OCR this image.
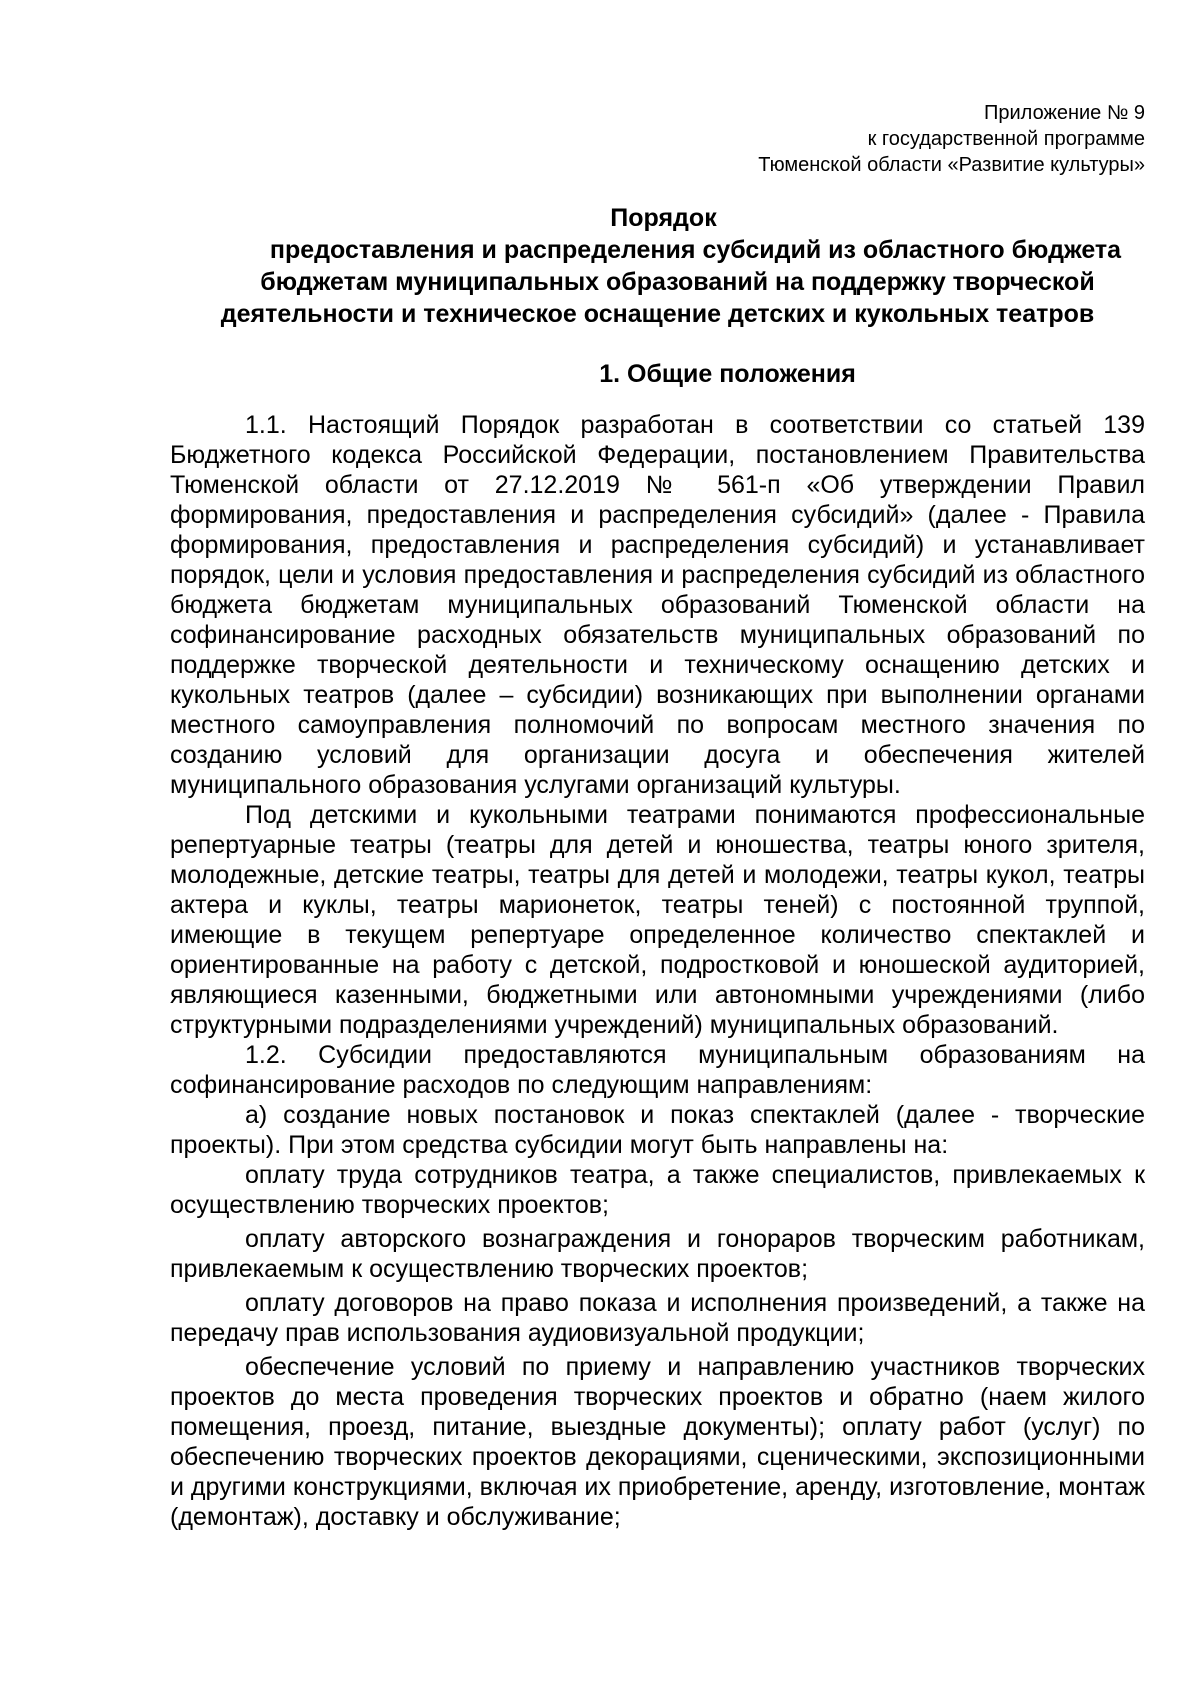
Приложение № 9
к государственной программе
Тюменской области «Развитие культуры»
Порядок
предоставления и распределения субсидий из областного бюджета
бюджетам муниципальных образований на поддержку творческой
деятельности и техническое оснащение детских и кукольных театров
1. Общие положения

1.1. Настоящий Порядок разработан в соответствии со статьей 139 Бюджетного кодекса Российской Федерации, постановлением Правительства Тюменской области от 27.12.2019 № 561-п «Об утверждении Правил формирования, предоставления и распределения субсидий» (далее - Правила формирования, предоставления и распределения субсидий) и устанавливает порядок, цели и условия предоставления и распределения субсидий из областного бюджета бюджетам муниципальных образований Тюменской области на софинансирование расходных обязательств муниципальных образований по поддержке творческой деятельности и техническому оснащению детских и кукольных театров (далее – субсидии) возникающих при выполнении органами местного самоуправления полномочий по вопросам местного значения по созданию условий для организации досуга и обеспечения жителей муниципального образования услугами организаций культуры.

Под детскими и кукольными театрами понимаются профессиональные репертуарные театры (театры для детей и юношества, театры юного зрителя, молодежные, детские театры, театры для детей и молодежи, театры кукол, театры актера и куклы, театры марионеток, театры теней) с постоянной труппой, имеющие в текущем репертуаре определенное количество спектаклей и ориентированные на работу с детской, подростковой и юношеской аудиторией, являющиеся казенными, бюджетными или автономными учреждениями (либо структурными подразделениями учреждений) муниципальных образований.

1.2. Субсидии предоставляются муниципальным образованиям на софинансирование расходов по следующим направлениям:

а) создание новых постановок и показ спектаклей (далее - творческие проекты). При этом средства субсидии могут быть направлены на:

оплату труда сотрудников театра, а также специалистов, привлекаемых к осуществлению творческих проектов;

оплату авторского вознаграждения и гонораров творческим работникам, привлекаемым к осуществлению творческих проектов;

оплату договоров на право показа и исполнения произведений, а также на передачу прав использования аудиовизуальной продукции;

обеспечение условий по приему и направлению участников творческих проектов до места проведения творческих проектов и обратно (наем жилого помещения, проезд, питание, выездные документы); оплату работ (услуг) по обеспечению творческих проектов декорациями, сценическими, экспозиционными и другими конструкциями, включая их приобретение, аренду, изготовление, монтаж (демонтаж), доставку и обслуживание;
